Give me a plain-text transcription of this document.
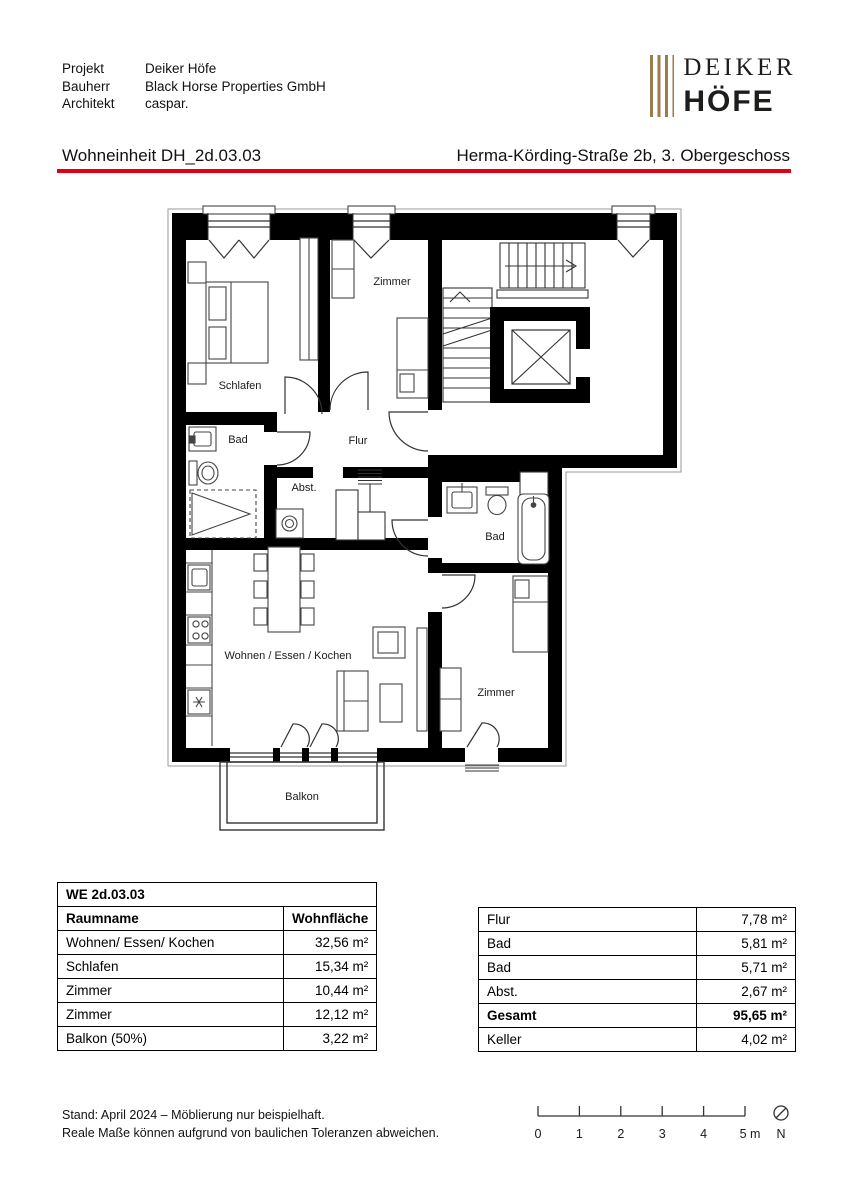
Projekt	Deiker Höfe
Bauherr	Black Horse Properties GmbH
Architekt	caspar.
DEIKER
HÖFE
Wohneinheit DH_2d.03.03	Herma-Körding-Straße 2b, 3. Obergeschoss
Schlafen
Zimmer
Bad	Flur
Abst.
Bad
Zimmer
Wohnen / Essen / Kochen
Balkon
WE 2d.03.03	
Raumname	Wohnfläche
Wohnen/ Essen/ Kochen	32,56 m²
Schlafen	15,34 m²
Zimmer	10,44 m²
Zimmer	12,12 m²
Balkon (50%)	3,22 m²
Flur	7,78 m²
Bad	5,81 m²
Bad	5,71 m²
Abst.	2,67 m²
Gesamt	95,65 m²
Keller	4,02 m²
Stand: April 2024 – Möblierung nur beispielhaft.
Reale Maße können aufgrund von baulichen Toleranzen abweichen.	0	1	2	3	4	5 m N
